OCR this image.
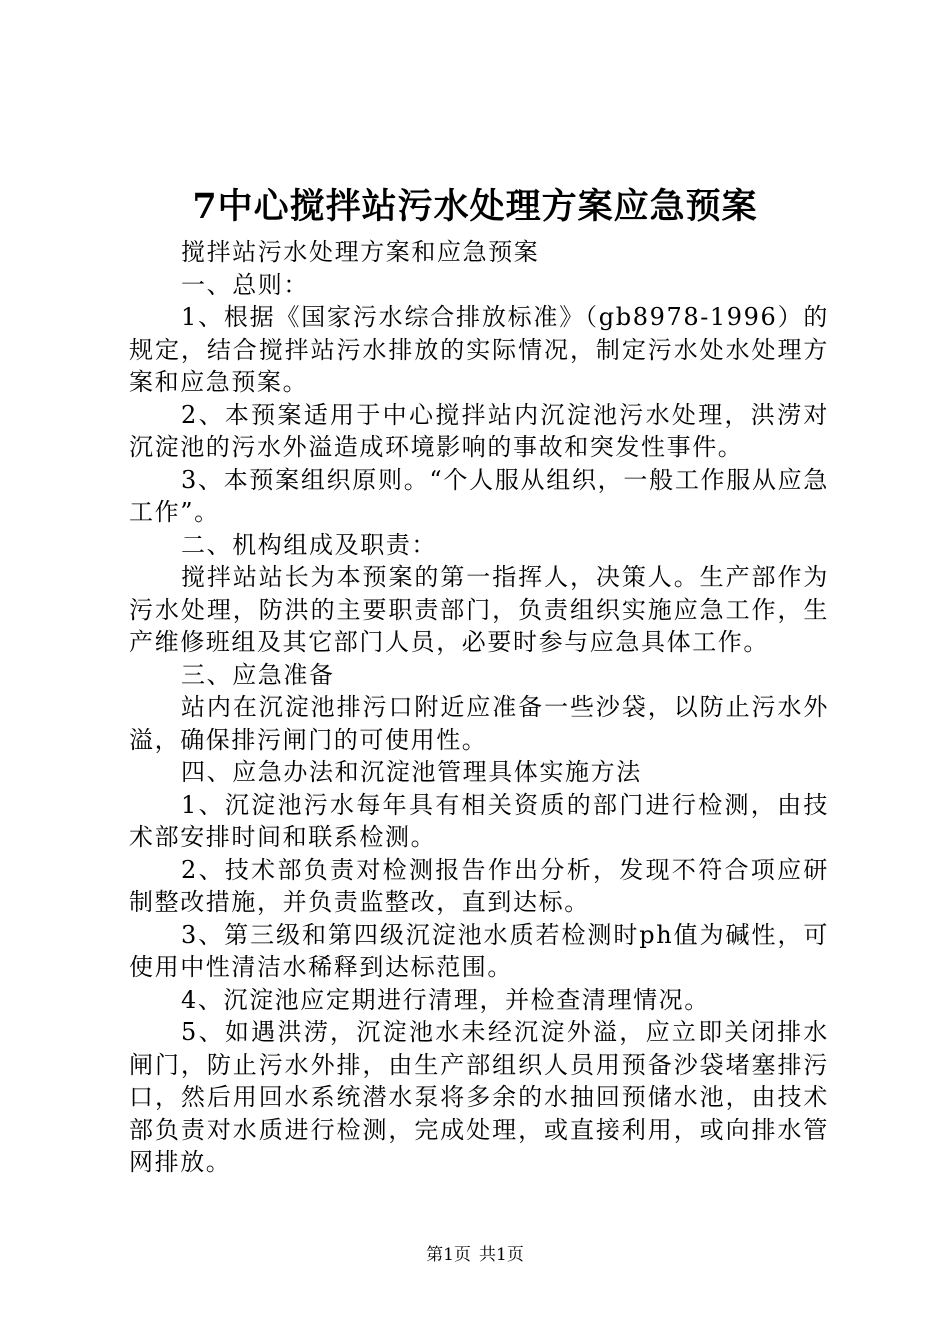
7中心搅拌站污水处理方案应急预案

搅拌站污水处理方案和应急预案

一、总则：

1、根据《国家污水综合排放标准》（gb8978-1996）的规定，结合搅拌站污水排放的实际情况，制定污水处水处理方案和应急预案。

2、本预案适用于中心搅拌站内沉淀池污水处理，洪涝对沉淀池的污水外溢造成环境影响的事故和突发性事件。

3、本预案组织原则。“个人服从组织，一般工作服从应急工作”。

二、机构组成及职责：

搅拌站站长为本预案的第一指挥人，决策人。生产部作为污水处理，防洪的主要职责部门，负责组织实施应急工作，生产维修班组及其它部门人员，必要时参与应急具体工作。

三、应急准备

站内在沉淀池排污口附近应准备一些沙袋，以防止污水外溢，确保排污闸门的可使用性。

四、应急办法和沉淀池管理具体实施方法

1、沉淀池污水每年具有相关资质的部门进行检测，由技术部安排时间和联系检测。

2、技术部负责对检测报告作出分析，发现不符合项应研制整改措施，并负责监整改，直到达标。

3、第三级和第四级沉淀池水质若检测时ph值为碱性，可使用中性清洁水稀释到达标范围。

4、沉淀池应定期进行清理，并检查清理情况。

5、如遇洪涝，沉淀池水未经沉淀外溢，应立即关闭排水闸门，防止污水外排，由生产部组织人员用预备沙袋堵塞排污口，然后用回水系统潜水泵将多余的水抽回预储水池，由技术部负责对水质进行检测，完成处理，或直接利用，或向排水管网排放。

第1页 共1页
